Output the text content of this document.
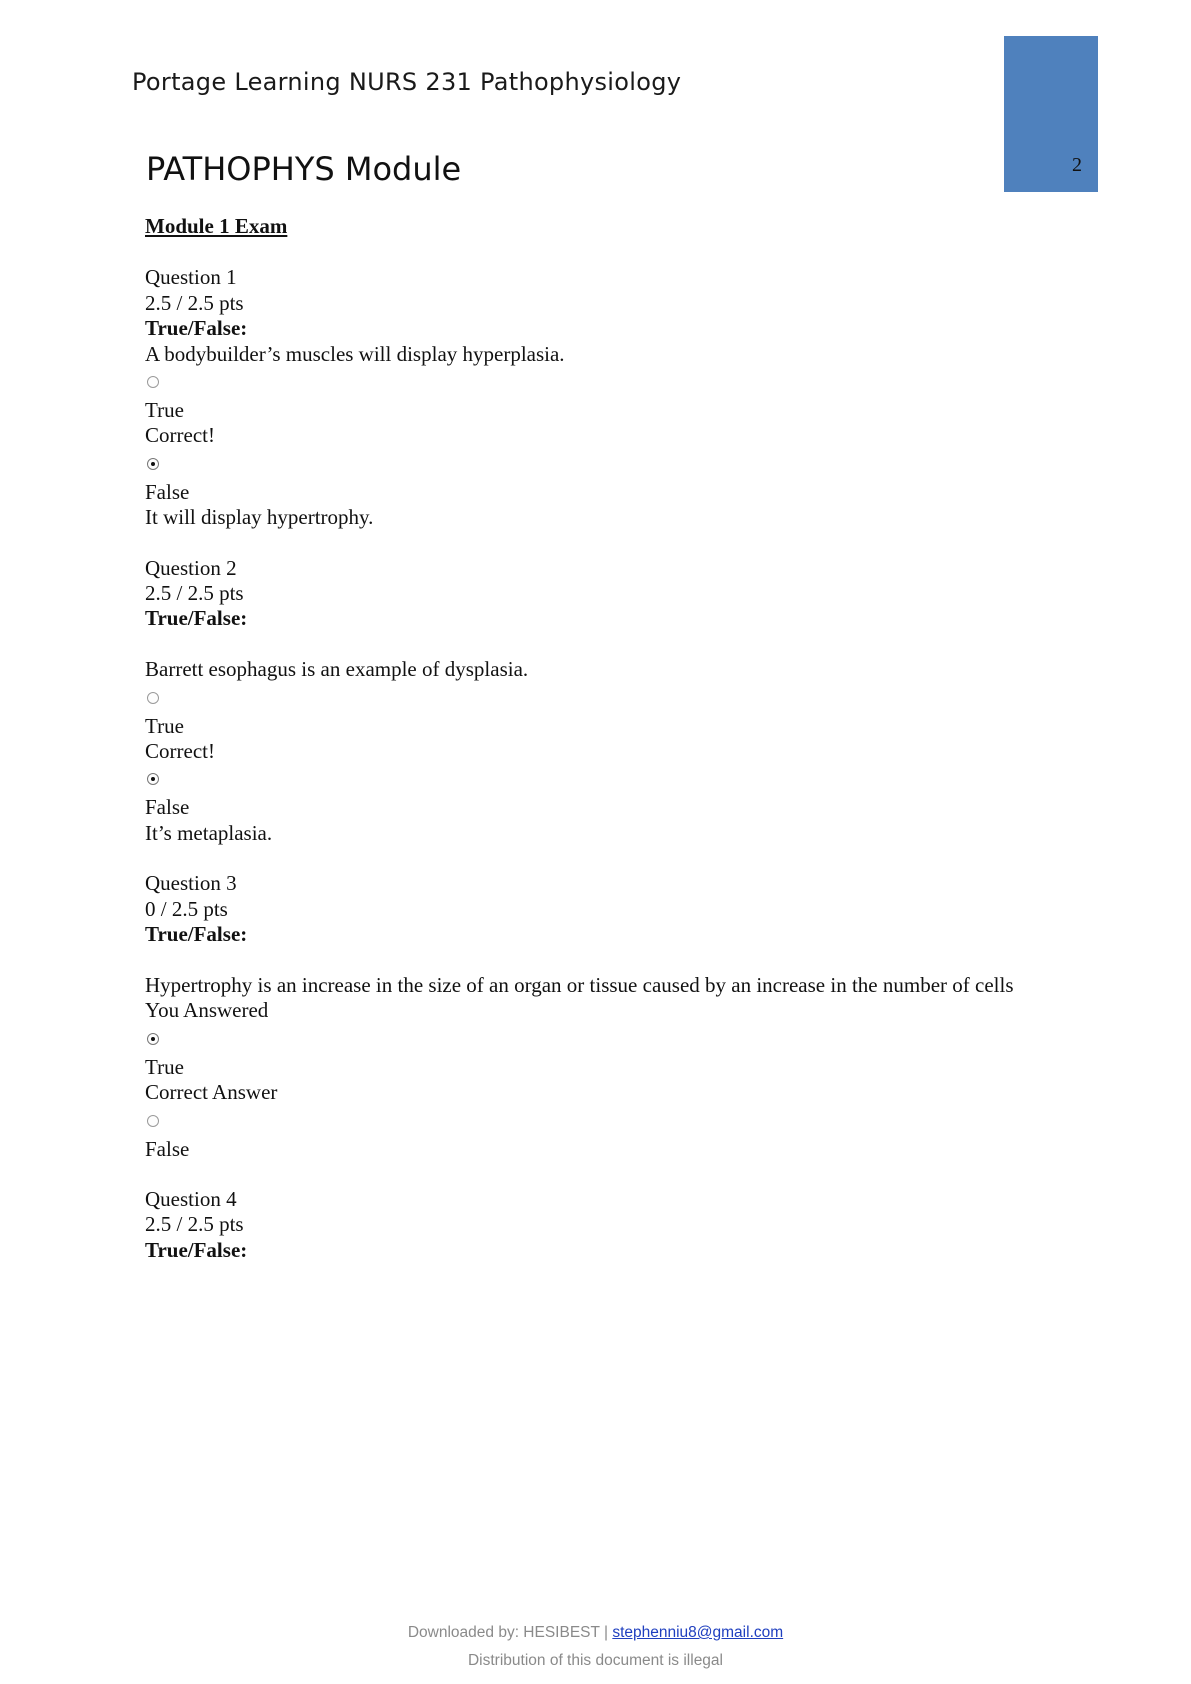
Portage Learning NURS 231 Pathophysiology
2
PATHOPHYS Module
Module 1 Exam
Question 1
2.5 / 2.5 pts
True/False:
A bodybuilder’s muscles will display hyperplasia.
True
Correct!
False
It will display hypertrophy.
Question 2
2.5 / 2.5 pts
True/False:
Barrett esophagus is an example of dysplasia.
True
Correct!
False
It’s metaplasia.
Question 3
0 / 2.5 pts
True/False:
Hypertrophy is an increase in the size of an organ or tissue caused by an increase in the number of cells
You Answered
True
Correct Answer
False
Question 4
2.5 / 2.5 pts
True/False:
Downloaded by: HESIBEST | stephenniu8@gmail.com
Distribution of this document is illegal
